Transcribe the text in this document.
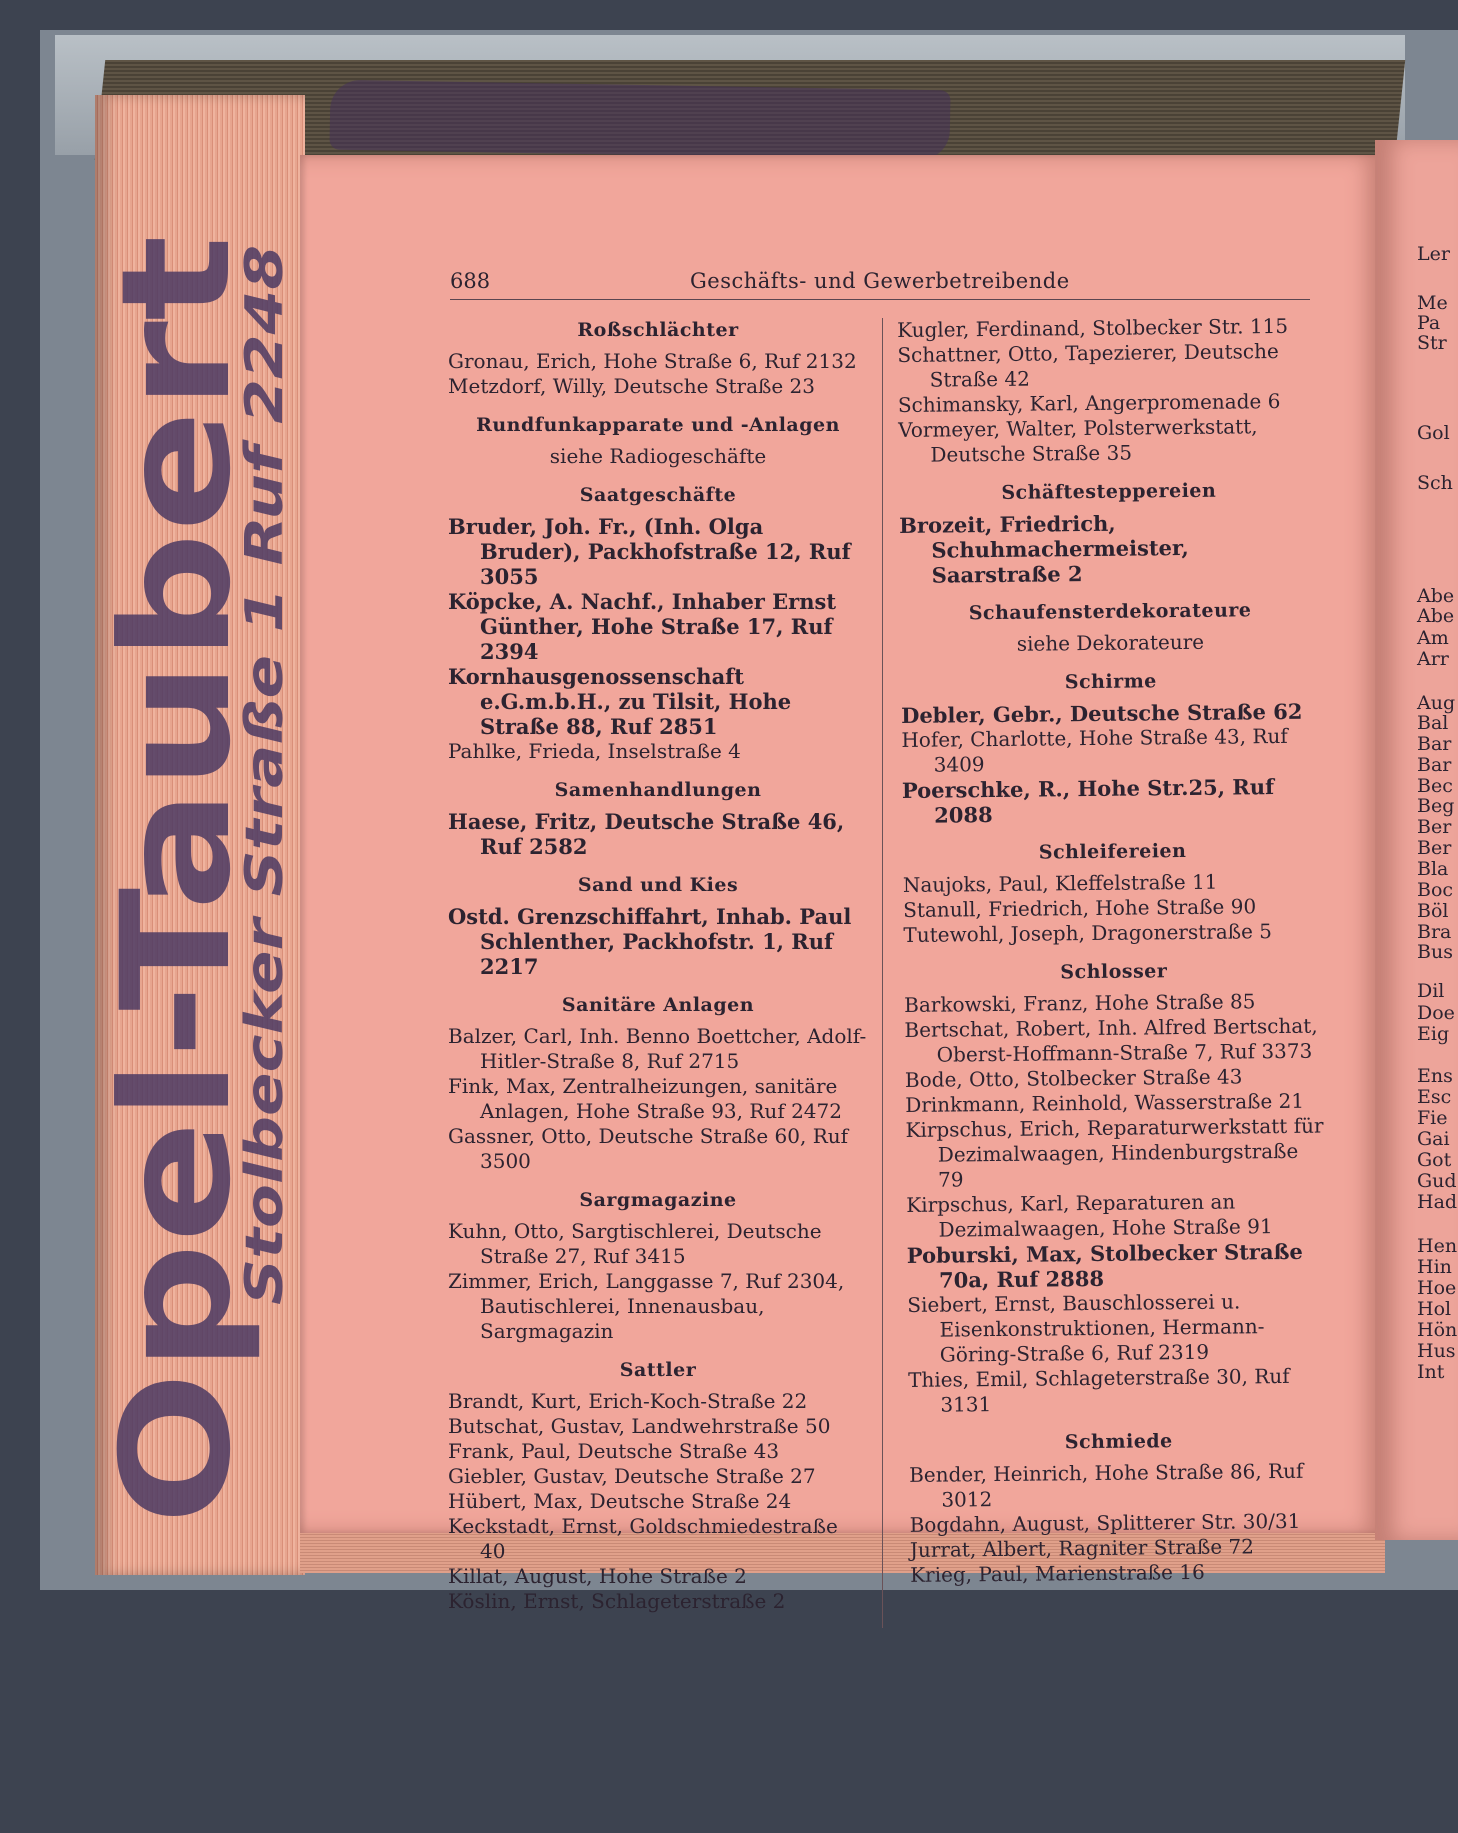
Opel-Taubert
Stolbecker Straße 1 Ruf 2248
Ler
Me
Pa
Str
Gol
Sch
Abe
Abe
Am
Arr
Aug
Bal
Bar
Bar
Bec
Beg
Ber
Ber
Bla
Boc
Böl
Bra
Bus
Dil
Doe
Eig
Ens
Esc
Fie
Gai
Got
Gud
Had
Hen
Hin
Hoe
Hol
Hön
Hus
Int
688	Geschäfts- und Gewerbetreibende
Roßschlächter

Gronau, Erich, Hohe Straße 6, Ruf 2132

Metzdorf, Willy, Deutsche Straße 23

Rundfunkapparate und -Anlagen

siehe Radiogeschäfte

Saatgeschäfte

Bruder, Joh. Fr., (Inh. Olga Bruder), Packhofstraße 12, Ruf 3055

Köpcke, A. Nachf., Inhaber Ernst Günther, Hohe Straße 17, Ruf 2394

Kornhausgenossenschaft e.G.m.b.H., zu Tilsit, Hohe Straße 88, Ruf 2851

Pahlke, Frieda, Inselstraße 4

Samenhandlungen

Haese, Fritz, Deutsche Straße 46, Ruf 2582

Sand und Kies

Ostd. Grenzschiffahrt, Inhab. Paul Schlenther, Packhofstr. 1, Ruf 2217

Sanitäre Anlagen

Balzer, Carl, Inh. Benno Boettcher, Adolf-Hitler-Straße 8, Ruf 2715

Fink, Max, Zentralheizungen, sanitäre Anlagen, Hohe Straße 93, Ruf 2472

Gassner, Otto, Deutsche Straße 60, Ruf 3500

Sargmagazine

Kuhn, Otto, Sargtischlerei, Deutsche Straße 27, Ruf 3415

Zimmer, Erich, Langgasse 7, Ruf 2304, Bautischlerei, Innenausbau, Sargmagazin

Sattler

Brandt, Kurt, Erich-Koch-Straße 22

Butschat, Gustav, Landwehrstraße 50

Frank, Paul, Deutsche Straße 43

Giebler, Gustav, Deutsche Straße 27

Hübert, Max, Deutsche Straße 24

Keckstadt, Ernst, Goldschmiedestraße 40

Killat, August, Hohe Straße 2

Köslin, Ernst, Schlageterstraße 2

Kugler, Ferdinand, Stolbecker Str. 115

Schattner, Otto, Tapezierer, Deutsche Straße 42

Schimansky, Karl, Angerpromenade 6

Vormeyer, Walter, Polsterwerkstatt, Deutsche Straße 35

Schäftesteppereien

Brozeit, Friedrich, Schuhmachermeister, Saarstraße 2

Schaufensterdekorateure

siehe Dekorateure

Schirme

Debler, Gebr., Deutsche Straße 62

Hofer, Charlotte, Hohe Straße 43, Ruf 3409

Poerschke, R., Hohe Str.25, Ruf 2088

Schleifereien

Naujoks, Paul, Kleffelstraße 11

Stanull, Friedrich, Hohe Straße 90

Tutewohl, Joseph, Dragonerstraße 5

Schlosser

Barkowski, Franz, Hohe Straße 85

Bertschat, Robert, Inh. Alfred Bertschat, Oberst-Hoffmann-Straße 7, Ruf 3373

Bode, Otto, Stolbecker Straße 43

Drinkmann, Reinhold, Wasserstraße 21

Kirpschus, Erich, Reparaturwerkstatt für Dezimalwaagen, Hindenburgstraße 79

Kirpschus, Karl, Reparaturen an Dezimalwaagen, Hohe Straße 91

Poburski, Max, Stolbecker Straße 70a, Ruf 2888

Siebert, Ernst, Bauschlosserei u. Eisenkonstruktionen, Hermann-Göring-Straße 6, Ruf 2319

Thies, Emil, Schlageterstraße 30, Ruf 3131

Schmiede

Bender, Heinrich, Hohe Straße 86, Ruf 3012

Bogdahn, August, Splitterer Str. 30/31

Jurrat, Albert, Ragniter Straße 72

Krieg, Paul, Marienstraße 16
